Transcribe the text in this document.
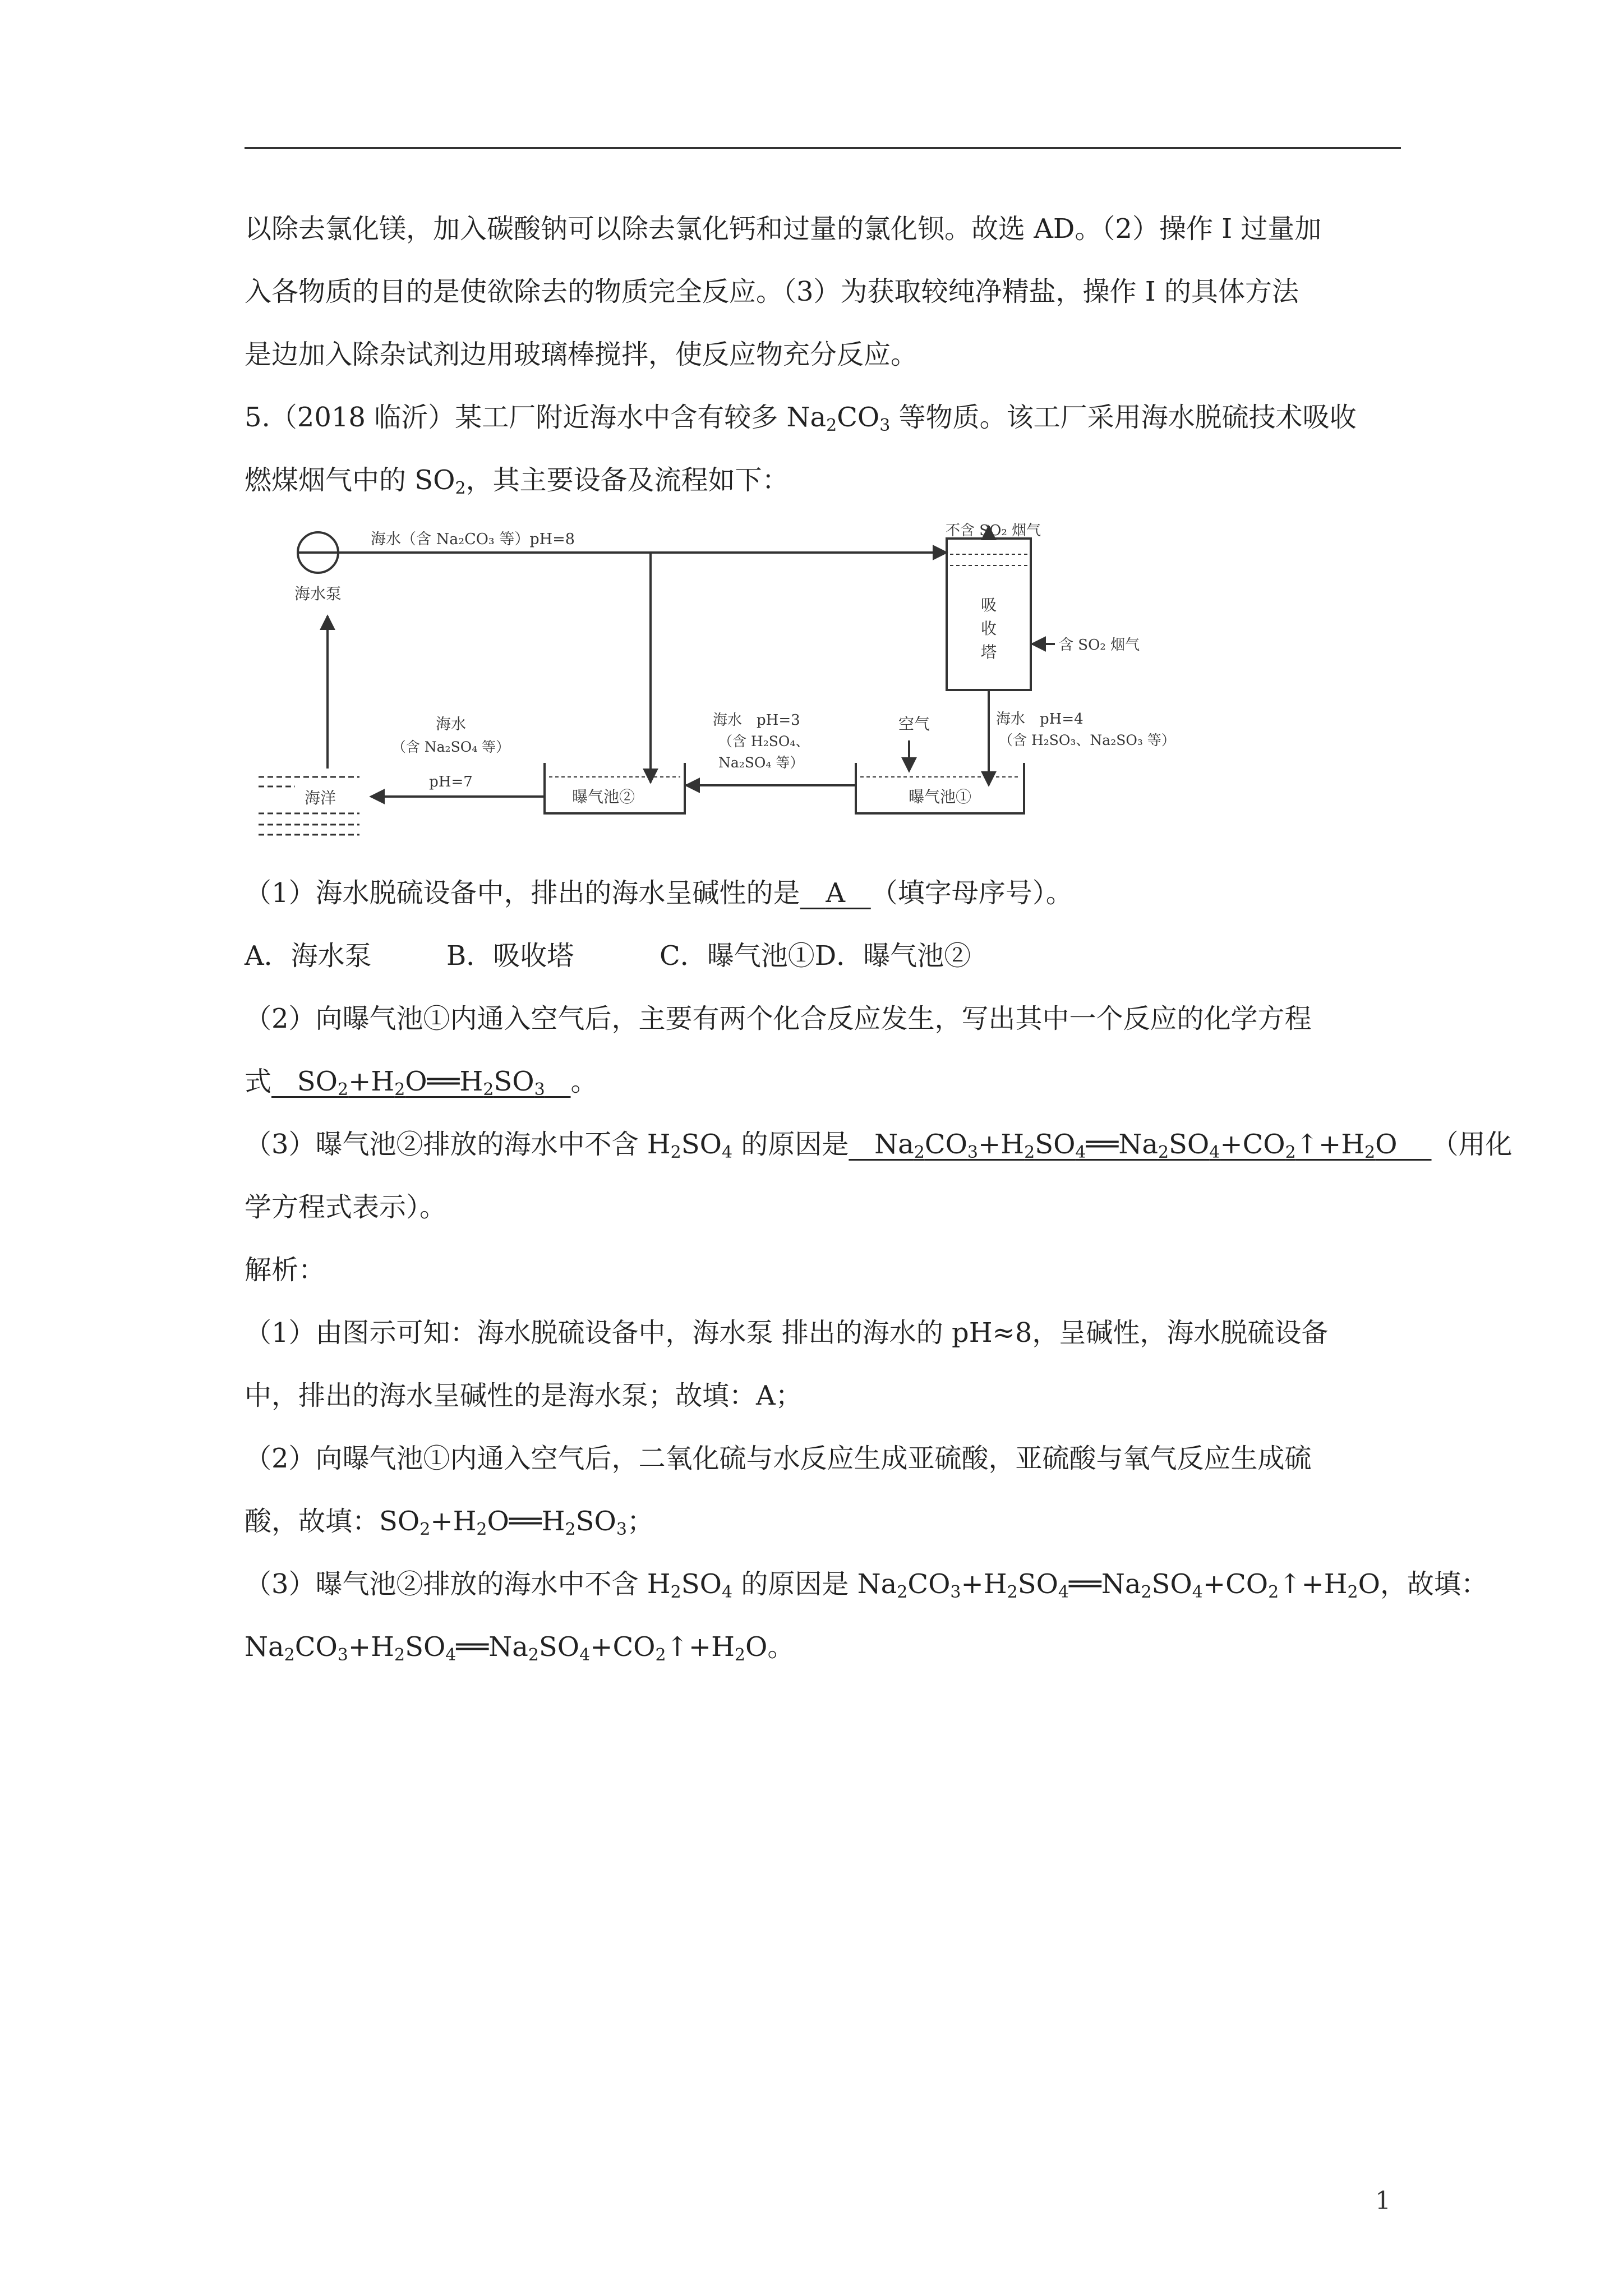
以除去氯化镁，加入碳酸钠可以除去氯化钙和过量的氯化钡。故选 AD。（2）操作 I 过量加
入各物质的目的是使欲除去的物质完全反应。（3）为获取较纯净精盐，操作 I 的具体方法
是边加入除杂试剂边用玻璃棒搅拌，使反应物充分反应。
5.（2018 临沂）某工厂附近海水中含有较多 $Na_2CO_3$ 等物质。该工厂采用海水脱硫技术吸收
燃煤烟气中的 $SO_2$，其主要设备及流程如下：
（1）海水脱硫设备中，排出的海水呈碱性的是 A （填字母序号）。
A．海水泵	B．吸收塔	C．曝气池①D．曝气池②
（2）向曝气池①内通入空气后，主要有两个化合反应发生，写出其中一个反应的化学方程
式   $SO_2+H_2O══H_2SO_3$ 。
（3）曝气池②排放的海水中不含 $H_2SO_4$ 的原因是   $Na_2CO_3+H_2SO_4══Na_2SO_4+CO_2↑+H_2O$    （用化
学方程式表示）。
解析：
（1）由图示可知：海水脱硫设备中，海水泵 排出的海水的 pH≈8，呈碱性，海水脱硫设备
中，排出的海水呈碱性的是海水泵；故填：A；
（2）向曝气池①内通入空气后，二氧化硫与水反应生成亚硫酸，亚硫酸与氧气反应生成硫
酸，故填：$SO_2+H_2O══H_2SO_3$；
（3）曝气池②排放的海水中不含 $H_2SO_4$ 的原因是 $Na_2CO_3+H_2SO_4══Na_2SO_4+CO_2↑+H_2O$，故填：
$Na_2CO_3+H_2SO_4══Na_2SO_4+CO_2↑+H_2O$。
海水泵
海水（含 Na₂CO₃ 等）pH=8
吸
收
塔
不含 SO₂ 烟气
含 SO₂ 烟气
海水　pH=4
（含 H₂SO₃、Na₂SO₃ 等）
曝气池①
空气
海水　pH=3
（含 H₂SO₄、
Na₂SO₄ 等）
曝气池②
海水
（含 Na₂SO₄ 等）
pH=7
海洋
1
